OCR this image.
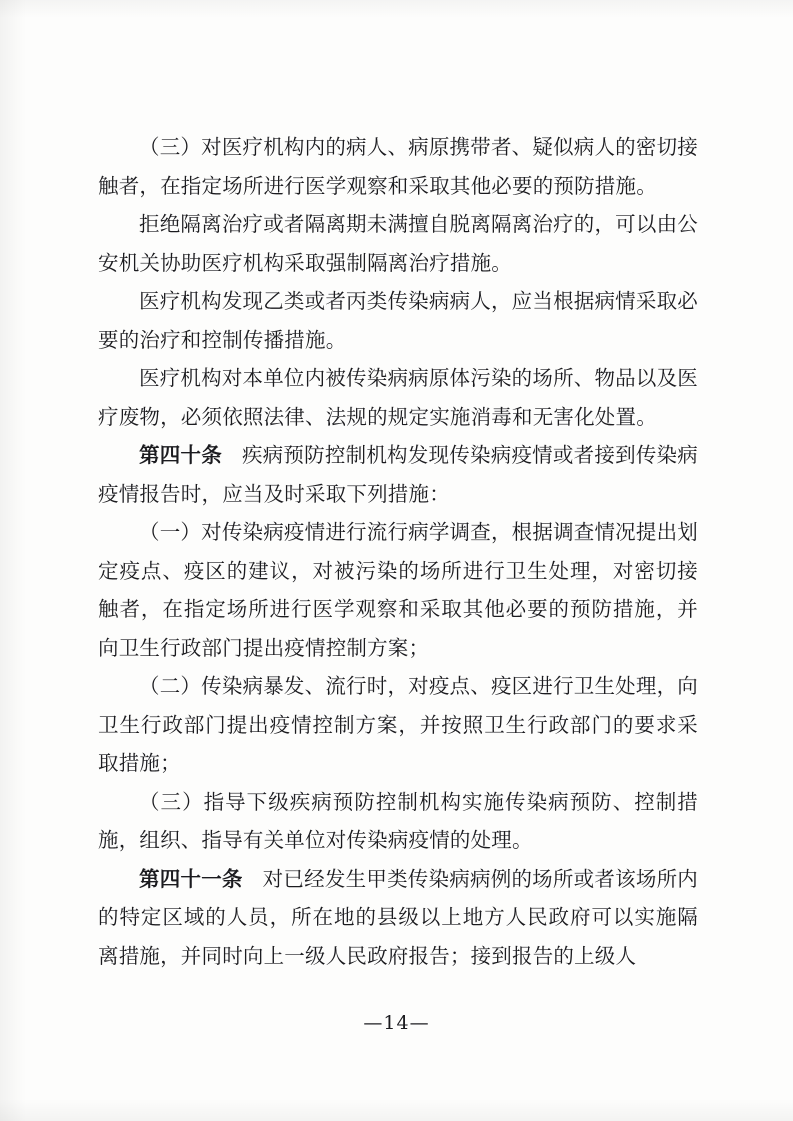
（三）对医疗机构内的病人、病原携带者、疑似病人的密切接触者，在指定场所进行医学观察和采取其他必要的预防措施。

拒绝隔离治疗或者隔离期未满擅自脱离隔离治疗的，可以由公安机关协助医疗机构采取强制隔离治疗措施。

医疗机构发现乙类或者丙类传染病病人，应当根据病情采取必要的治疗和控制传播措施。

医疗机构对本单位内被传染病病原体污染的场所、物品以及医疗废物，必须依照法律、法规的规定实施消毒和无害化处置。

第四十条 疾病预防控制机构发现传染病疫情或者接到传染病疫情报告时，应当及时采取下列措施：

（一）对传染病疫情进行流行病学调查，根据调查情况提出划定疫点、疫区的建议，对被污染的场所进行卫生处理，对密切接触者，在指定场所进行医学观察和采取其他必要的预防措施，并向卫生行政部门提出疫情控制方案；

（二）传染病暴发、流行时，对疫点、疫区进行卫生处理，向卫生行政部门提出疫情控制方案，并按照卫生行政部门的要求采取措施；

（三）指导下级疾病预防控制机构实施传染病预防、控制措施，组织、指导有关单位对传染病疫情的处理。

第四十一条 对已经发生甲类传染病病例的场所或者该场所内的特定区域的人员，所在地的县级以上地方人民政府可以实施隔离措施，并同时向上一级人民政府报告；接到报告的上级人

—14—
